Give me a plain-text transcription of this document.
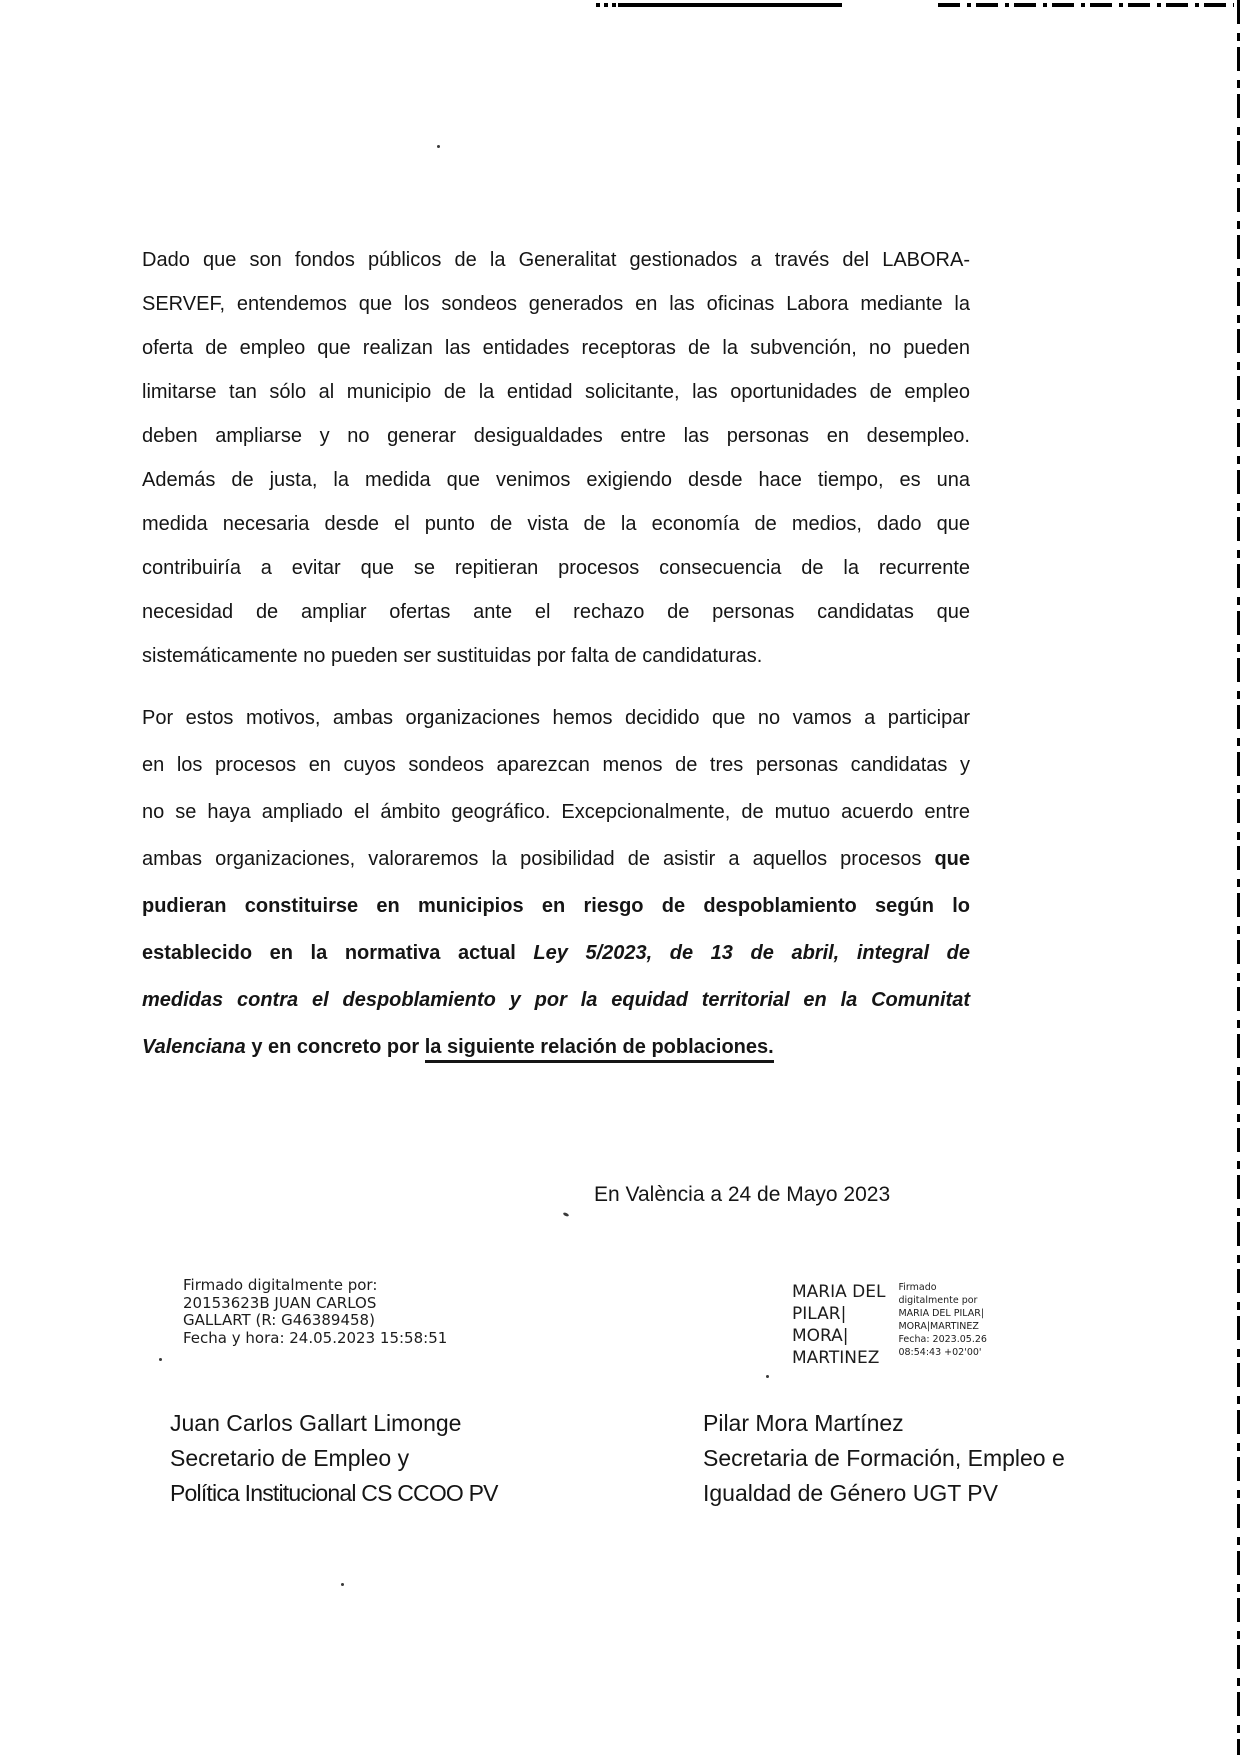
Dado que son fondos públicos de la Generalitat gestionados a través del LABORA-
SERVEF, entendemos que los sondeos generados en las oficinas Labora mediante la
oferta de empleo que realizan las entidades receptoras de la subvención, no pueden
limitarse tan sólo al municipio de la entidad solicitante, las oportunidades de empleo
deben ampliarse y no generar desigualdades entre las personas en desempleo.
Además de justa, la medida que venimos exigiendo desde hace tiempo, es una
medida necesaria desde el punto de vista de la economía de medios, dado que
contribuiría a evitar que se repitieran procesos consecuencia de la recurrente
necesidad de ampliar ofertas ante el rechazo de personas candidatas que
sistemáticamente no pueden ser sustituidas por falta de candidaturas.
Por estos motivos, ambas organizaciones hemos decidido que no vamos a participar
en los procesos en cuyos sondeos aparezcan menos de tres personas candidatas y
no se haya ampliado el ámbito geográfico. Excepcionalmente, de mutuo acuerdo entre
ambas organizaciones, valoraremos la posibilidad de asistir a aquellos procesos que
pudieran constituirse en municipios en riesgo de despoblamiento según lo
establecido en la normativa actual Ley 5/2023, de 13 de abril, integral de
medidas contra el despoblamiento y por la equidad territorial en la Comunitat
Valenciana y en concreto por la siguiente relación de poblaciones.
En València a 24 de Mayo 2023
Firmado digitalmente por:
20153623B JUAN CARLOS
GALLART (R: G46389458)
Fecha y hora: 24.05.2023 15:58:51
MARIA DEL
PILAR|
MORA|
MARTINEZ
Firmado
digitalmente por
MARIA DEL PILAR|
MORA|MARTINEZ
Fecha: 2023.05.26
08:54:43 +02'00'
Juan Carlos Gallart Limonge
Secretario de Empleo y
Política Institucional CS CCOO PV
Pilar Mora Martínez
Secretaria de Formación, Empleo e
Igualdad de Género UGT PV
